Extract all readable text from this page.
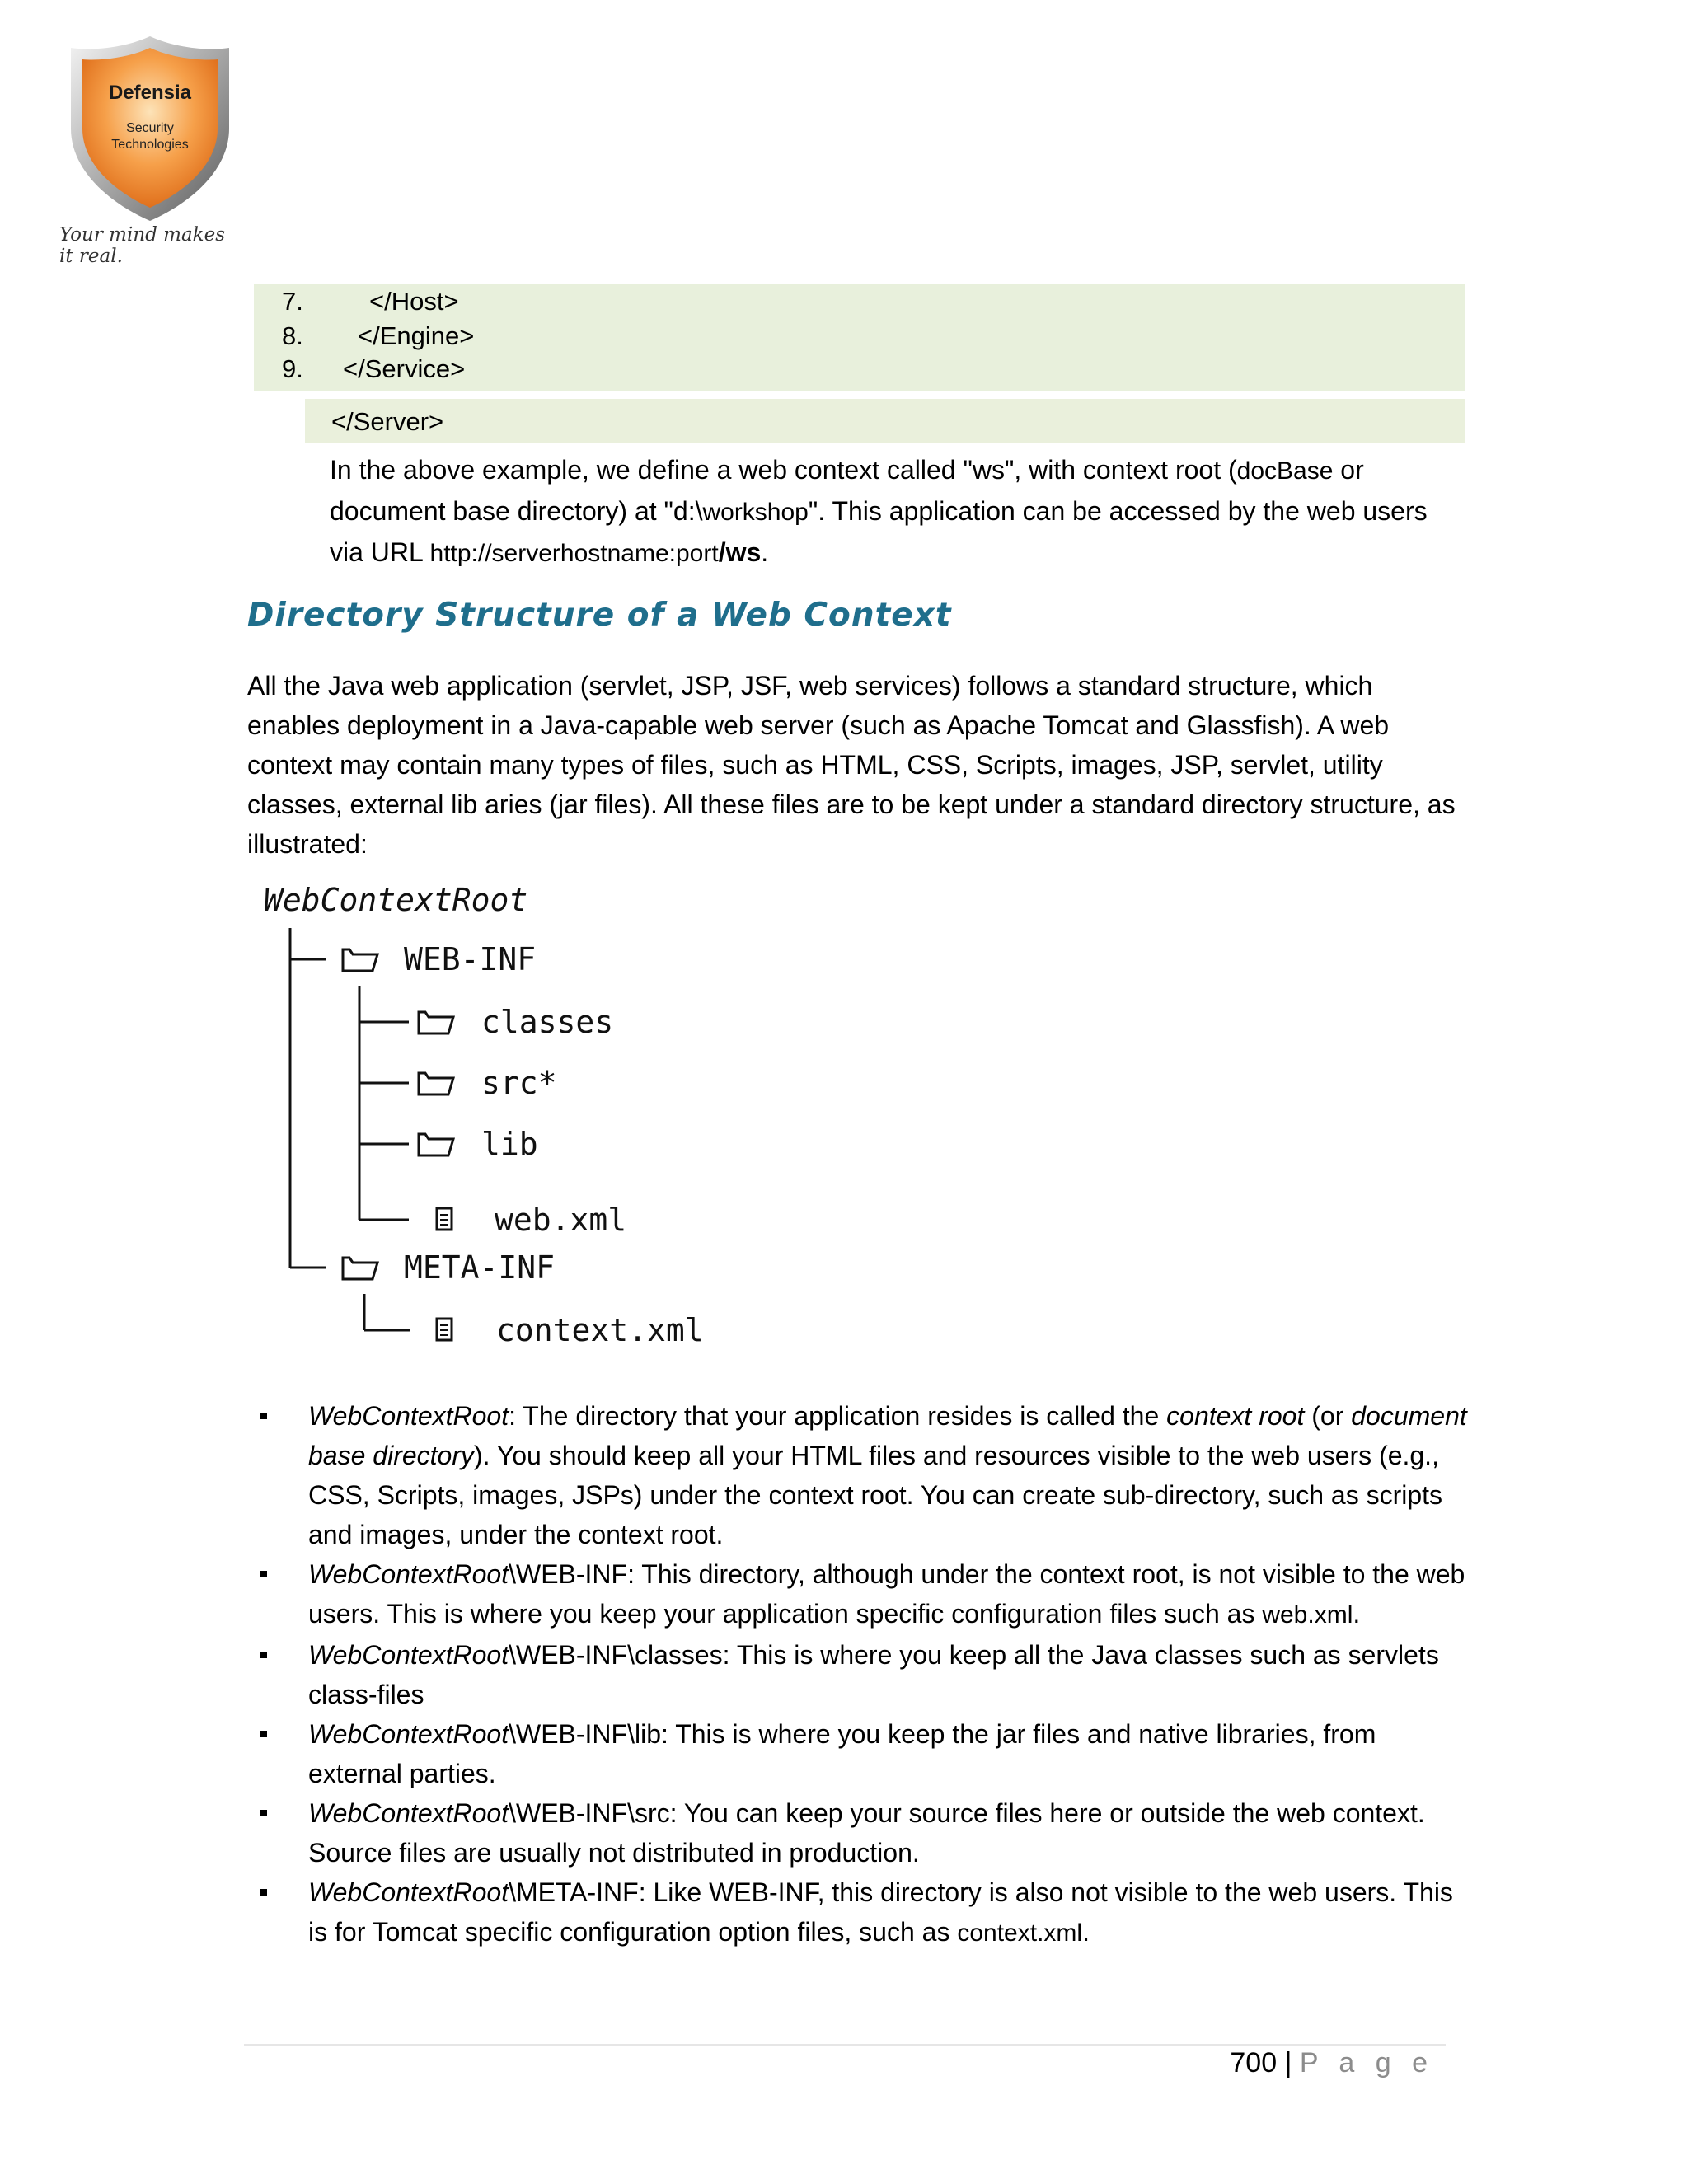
Defensia
Security
Technologies
Your mind makes it real.
7.	</Host>
8. </Engine>
9. </Service>
</Server>
In the above example, we define a web context called "ws", with context root (docBase or document base directory) at "d:\workshop". This application can be accessed by the web users via URL http://serverhostname:port/ws.
Directory Structure of a Web Context
All the Java web application (servlet, JSP, JSF, web services) follows a standard structure, which enables deployment in a Java-capable web server (such as Apache Tomcat and Glassfish). A web context may contain many types of files, such as HTML, CSS, Scripts, images, JSP, servlet, utility classes, external lib aries (jar files). All these files are to be kept under a standard directory structure, as illustrated:
WebContextRoot
WEB-INF
classes
src*
lib
web.xml
META-INF
context.xml
WebContextRoot: The directory that your application resides is called the context root (or document base directory). You should keep all your HTML files and resources visible to the web users (e.g., CSS, Scripts, images, JSPs) under the context root. You can create sub-directory, such as scripts and images, under the context root.
WebContextRoot\WEB-INF: This directory, although under the context root, is not visible to the web users. This is where you keep your application specific configuration files such as web.xml.
WebContextRoot\WEB-INF\classes: This is where you keep all the Java classes such as servlets class-files
WebContextRoot\WEB-INF\lib: This is where you keep the jar files and native libraries, from external parties.
WebContextRoot\WEB-INF\src: You can keep your source files here or outside the web context. Source files are usually not distributed in production.
WebContextRoot\META-INF: Like WEB-INF, this directory is also not visible to the web users. This is for Tomcat specific configuration option files, such as context.xml.
700 | P a g e
